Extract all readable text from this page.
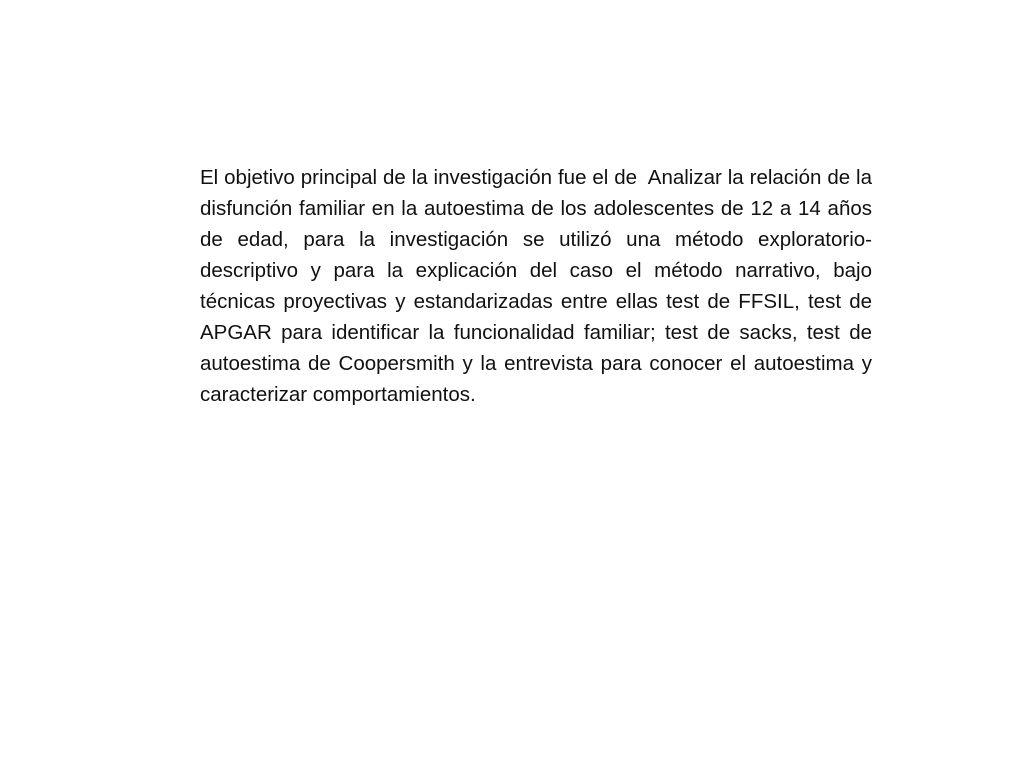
El objetivo principal de la investigación fue el de  Analizar la relación de la disfunción familiar en la autoestima de los adolescentes de 12 a 14 años de edad, para la investigación se utilizó una método exploratorio-descriptivo y para la explicación del caso el método narrativo, bajo técnicas proyectivas y estandarizadas entre ellas test de FFSIL, test de APGAR para identificar la funcionalidad familiar; test de sacks, test de autoestima de Coopersmith y la entrevista para conocer el autoestima y caracterizar comportamientos.
